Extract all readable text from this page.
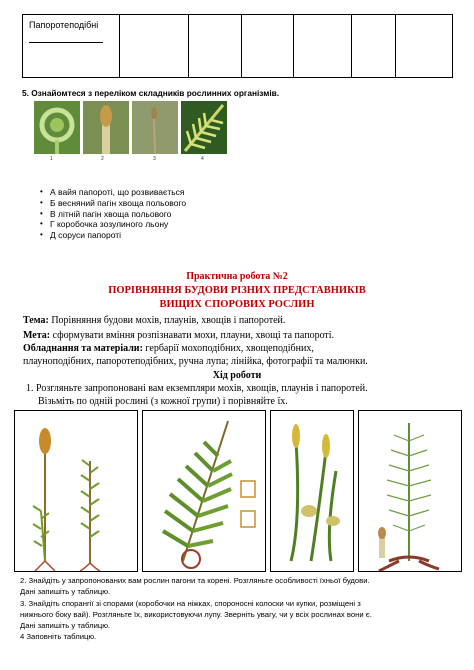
Папоротеподібні

5. Ознайомтеся з переліком складників рослинних організмів.
1	2	3	4
• А вайя папороті, що розвивається
• Б весняний пагін хвоща польового
• В літній пагін хвоща польового
• Г коробочка зозулиного льону
• Д соруси папороті
Практична робота №2
ПОРІВНЯННЯ БУДОВИ РІЗНИХ ПРЕДСТАВНИКІВ
ВИЩИХ СПОРОВИХ РОСЛИН
Тема: Порівняння будови мохів, плаунів, хвощів і папоротей.
Мета: сформувати вміння розпізнавати мохи, плауни, хвощі та папороті.
Обладнання та матеріали: гербарії мохоподібних, хвощеподібних,
плауноподібних, папоротеподібних, ручна лупа; лінійка, фотографії та малюнки.
Хід роботи
1. Розгляньте запропоновані вам екземпляри мохів, хвощів, плаунів і папоротей.
Візьміть по одній рослині (з кожної групи) і порівняйте їх.
2. Знайдіть у запропонованих вам рослин пагони та корені. Розгляньте особливості їхньої будови.
Дані запишіть у таблицю.
3. Знайдіть спорангії зі спорами (коробочки на ніжках, спороносні колоски чи купки, розміщені з
нижнього боку вай). Розгляньте їх, використовуючи лупу. Зверніть увагу, чи у всіх рослинах вони є.
Дані запишіть у таблицю.
4 Заповніть таблицю.
